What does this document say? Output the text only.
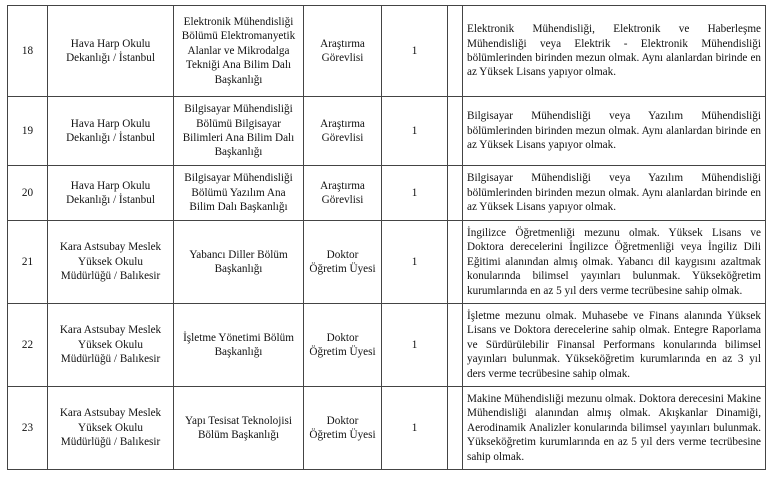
18	Hava Harp Okulu Dekanlığı / İstanbul	Elektronik Mühendisliği Bölümü Elektromanyetik Alanlar ve Mikrodalga Tekniği Ana Bilim Dalı Başkanlığı	Araştırma Görevlisi	1		Elektronik Mühendisliği, Elektronik ve Haberleşme Mühendisliği veya Elektrik - Elektronik Mühendisliği bölümlerinden birinden mezun olmak. Aynı alanlardan birinde en az Yüksek Lisans yapıyor olmak.
19	Hava Harp Okulu Dekanlığı / İstanbul	Bilgisayar Mühendisliği Bölümü Bilgisayar Bilimleri Ana Bilim Dalı Başkanlığı	Araştırma Görevlisi	1		Bilgisayar Mühendisliği veya Yazılım Mühendisliği bölümlerinden birinden mezun olmak. Aynı alanlardan birinde en az Yüksek Lisans yapıyor olmak.
20	Hava Harp Okulu Dekanlığı / İstanbul	Bilgisayar Mühendisliği Bölümü Yazılım Ana Bilim Dalı Başkanlığı	Araştırma Görevlisi	1		Bilgisayar Mühendisliği veya Yazılım Mühendisliği bölümlerinden birinden mezun olmak. Aynı alanlardan birinde en az Yüksek Lisans yapıyor olmak.
21	Kara Astsubay Meslek Yüksek Okulu Müdürlüğü / Balıkesir	Yabancı Diller Bölüm Başkanlığı	Doktor Öğretim Üyesi	1		İngilizce Öğretmenliği mezunu olmak. Yüksek Lisans ve Doktora derecelerini İngilizce Öğretmenliği veya İngiliz Dili Eğitimi alanından almış olmak. Yabancı dil kaygısını azaltmak konularında bilimsel yayınları bulunmak. Yükseköğretim kurumlarında en az 5 yıl ders verme tecrübesine sahip olmak.
22	Kara Astsubay Meslek Yüksek Okulu Müdürlüğü / Balıkesir	İşletme Yönetimi Bölüm Başkanlığı	Doktor Öğretim Üyesi	1		İşletme mezunu olmak. Muhasebe ve Finans alanında Yüksek Lisans ve Doktora derecelerine sahip olmak. Entegre Raporlama ve Sürdürülebilir Finansal Performans konularında bilimsel yayınları bulunmak. Yükseköğretim kurumlarında en az 3 yıl ders verme tecrübesine sahip olmak.
23	Kara Astsubay Meslek Yüksek Okulu Müdürlüğü / Balıkesir	Yapı Tesisat Teknolojisi Bölüm Başkanlığı	Doktor Öğretim Üyesi	1		Makine Mühendisliği mezunu olmak. Doktora derecesini Makine Mühendisliği alanından almış olmak. Akışkanlar Dinamiği, Aerodinamik Analizler konularında bilimsel yayınları bulunmak. Yükseköğretim kurumlarında en az 5 yıl ders verme tecrübesine sahip olmak.
